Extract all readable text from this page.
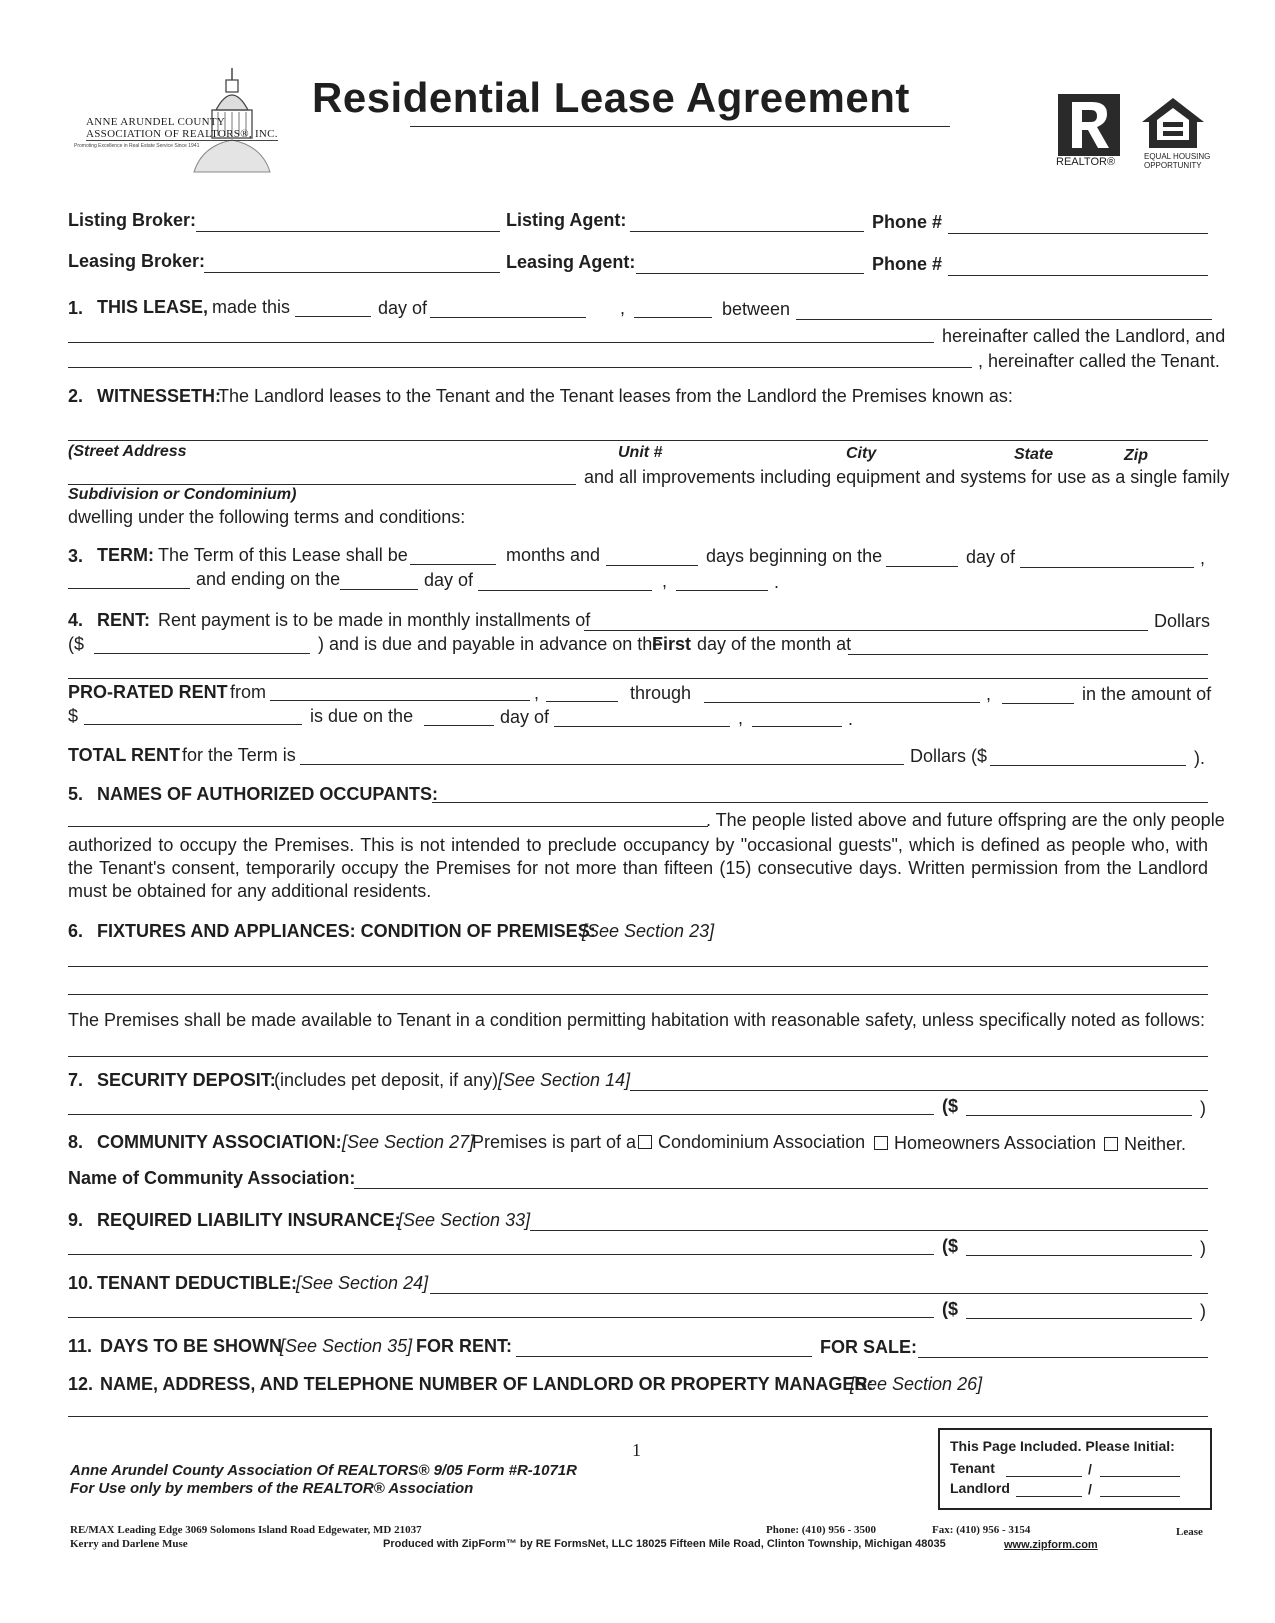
ANNE ARUNDEL COUNTY
ASSOCIATION OF REALTORS®, INC.
Promoting Excellence in Real Estate Service Since 1941
Residential Lease Agreement
REALTOR®	EQUAL HOUSING
OPPORTUNITY
Listing Broker:	Listing Agent:	Phone #
Leasing Broker:	Leasing Agent:	Phone #
1. THIS LEASE, made this	day of	,	between
hereinafter called the Landlord, and
, hereinafter called the Tenant.
2. WITNESSETH:
The Landlord leases to the Tenant and the Tenant leases from the Landlord the Premises known as:
(Street Address	Unit #	City	State	Zip
and all improvements including equipment and systems for use as a single family
Subdivision or Condominium)
dwelling under the following terms and conditions:
3. TERM: The Term of this Lease shall be	months and	days beginning on the	day of	,
and ending on the	day of	,	.
4. RENT: Rent payment is to be made in monthly installments of	Dollars
($	) and is due and payable in advance on the
First day of the month at
PRO-RATED RENT from	,	through	,	in the amount of
$	is due on the	day of	,	.
TOTAL RENT for the Term is	Dollars ($	).
5. NAMES OF AUTHORIZED OCCUPANTS:
. The people listed above and future offspring are the only people
authorized to occupy the Premises. This is not intended to preclude occupancy by "occasional guests", which is defined as people who, with the Tenant's consent, temporarily occupy the Premises for not more than fifteen (15) consecutive days. Written permission from the Landlord must be obtained for any additional residents.
6. FIXTURES AND APPLIANCES: CONDITION OF PREMISES:
[See Section 23]
The Premises shall be made available to Tenant in a condition permitting habitation with reasonable safety, unless specifically noted as follows:
7. SECURITY DEPOSIT:
(includes pet deposit, if any) [See Section 14]
($	)
8. COMMUNITY ASSOCIATION: [See Section 27]
Premises is part of a	Condominium Association	Homeowners Association	Neither.
Name of Community Association:
9. REQUIRED LIABILITY INSURANCE:
[See Section 33]
($	)
10. TENANT DEDUCTIBLE: [See Section 24]
($	)
11. DAYS TO BE SHOWN
[See Section 35] FOR RENT:	FOR SALE:
12. NAME, ADDRESS, AND TELEPHONE NUMBER OF LANDLORD OR PROPERTY MANAGER:
[See Section 26]
1
Anne Arundel County Association Of REALTORS® 9/05 Form #R-1071R
For Use only by members of the REALTOR® Association
This Page Included. Please Initial:
Tenant	/
Landlord	/
RE/MAX Leading Edge 3069 Solomons Island Road Edgewater, MD 21037
Kerry and Darlene Muse
Phone: (410) 956 - 3500	Fax: (410) 956 - 3154	Lease
Produced with ZipForm™ by RE FormsNet, LLC 18025 Fifteen Mile Road, Clinton Township, Michigan 48035	www.zipform.com
